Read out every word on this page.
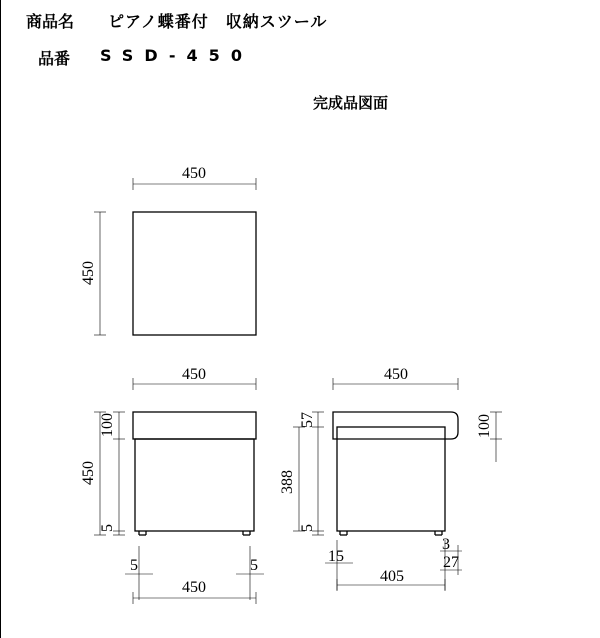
商品名 ピアノ蝶番付　収納スツール
品番 SSD-450
完成品図面
450
450
450
100
450
5
5	5
450
450
57
388
5
100
15
3
27
405
